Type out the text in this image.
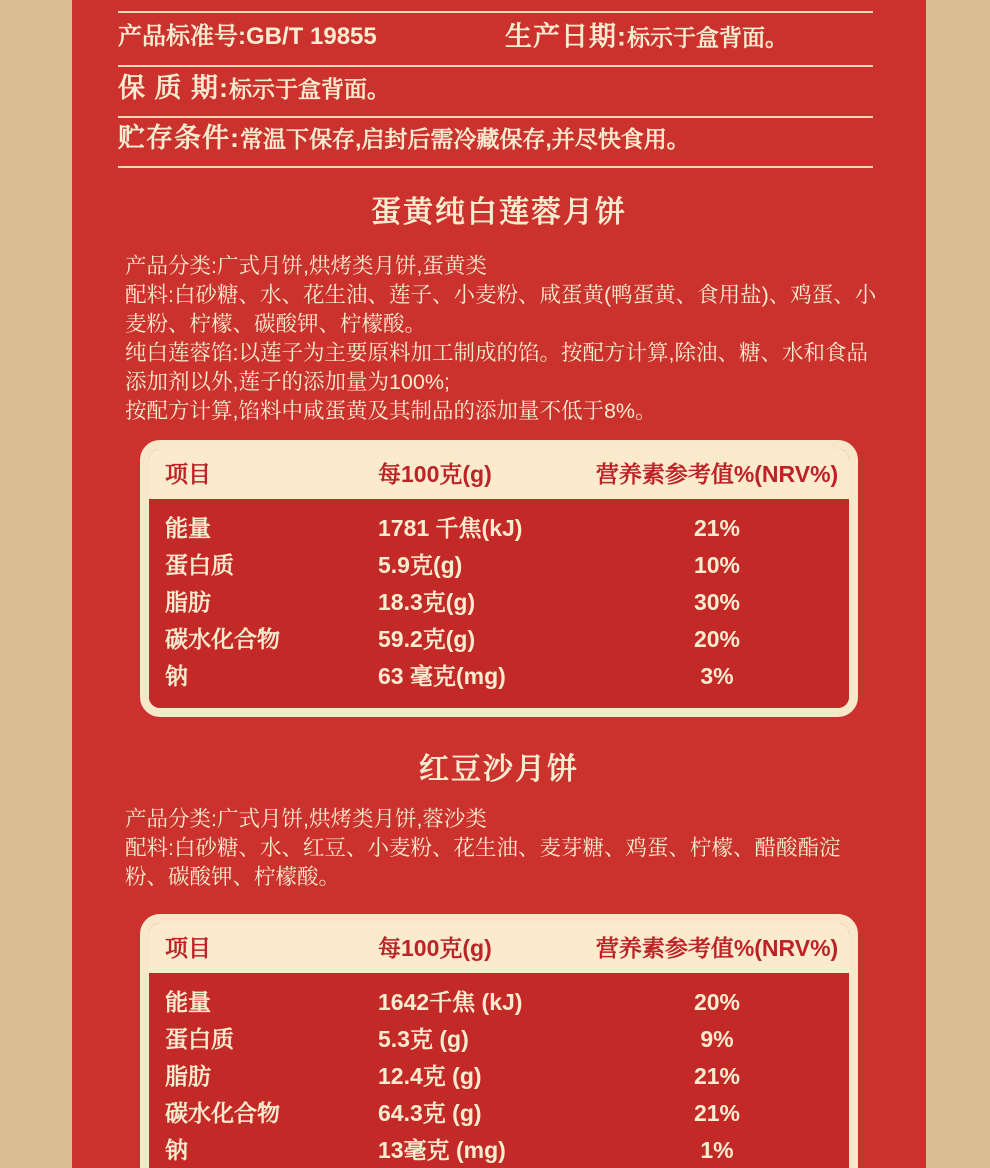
产品标准号:GB/T 19855	生产日期:标示于盒背面。
保 质 期:标示于盒背面。
贮存条件:常温下保存,启封后需冷藏保存,并尽快食用。
蛋黄纯白莲蓉月饼

产品分类:广式月饼,烘烤类月饼,蛋黄类

配料:白砂糖、水、花生油、莲子、小麦粉、咸蛋黄(鸭蛋黄、食用盐)、鸡蛋、小麦粉、柠檬、碳酸钾、柠檬酸。

纯白莲蓉馅:以莲子为主要原料加工制成的馅。按配方计算,除油、糖、水和食品添加剂以外,莲子的添加量为100%;

按配方计算,馅料中咸蛋黄及其制品的添加量不低于8%。

项目	每100克(g)	营养素参考值%(NRV%)
能量	1781 千焦(kJ)	21%
蛋白质	5.9克(g)	10%
脂肪	18.3克(g)	30%
碳水化合物	59.2克(g)	20%
钠	63 毫克(mg)	3%
红豆沙月饼

产品分类:广式月饼,烘烤类月饼,蓉沙类

配料:白砂糖、水、红豆、小麦粉、花生油、麦芽糖、鸡蛋、柠檬、醋酸酯淀粉、碳酸钾、柠檬酸。

项目	每100克(g)	营养素参考值%(NRV%)
能量	1642千焦 (kJ)	20%
蛋白质	5.3克 (g)	9%
脂肪	12.4克 (g)	21%
碳水化合物	64.3克 (g)	21%
钠	13毫克 (mg)	1%
